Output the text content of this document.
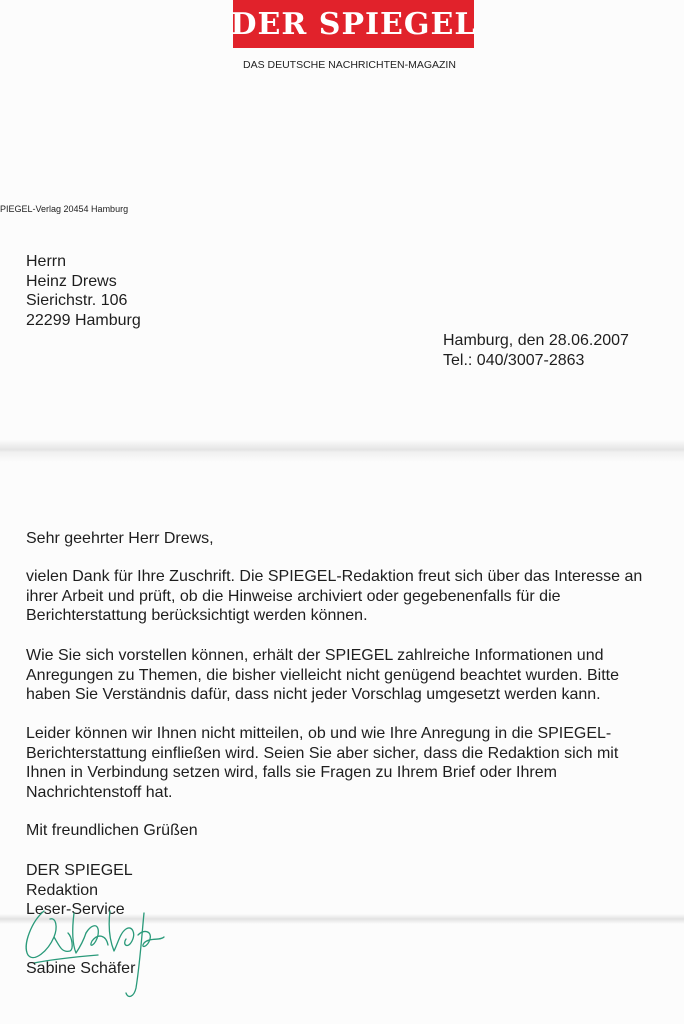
DER SPIEGEL
DAS DEUTSCHE NACHRICHTEN-MAGAZIN
PIEGEL-Verlag 20454 Hamburg
Herrn
Heinz Drews
Sierichstr. 106
22299 Hamburg
Hamburg, den 28.06.2007
Tel.: 040/3007-2863
Sehr geehrter Herr Drews,
vielen Dank für Ihre Zuschrift. Die SPIEGEL-Redaktion freut sich über das Interesse an
ihrer Arbeit und prüft, ob die Hinweise archiviert oder gegebenenfalls für die
Berichterstattung berücksichtigt werden können.
Wie Sie sich vorstellen können, erhält der SPIEGEL zahlreiche Informationen und
Anregungen zu Themen, die bisher vielleicht nicht genügend beachtet wurden. Bitte
haben Sie Verständnis dafür, dass nicht jeder Vorschlag umgesetzt werden kann.
Leider können wir Ihnen nicht mitteilen, ob und wie Ihre Anregung in die SPIEGEL-
Berichterstattung einfließen wird. Seien Sie aber sicher, dass die Redaktion sich mit
Ihnen in Verbindung setzen wird, falls sie Fragen zu Ihrem Brief oder Ihrem
Nachrichtenstoff hat.
Mit freundlichen Grüßen
DER SPIEGEL
Redaktion
Leser-Service
Sabine Schäfer
